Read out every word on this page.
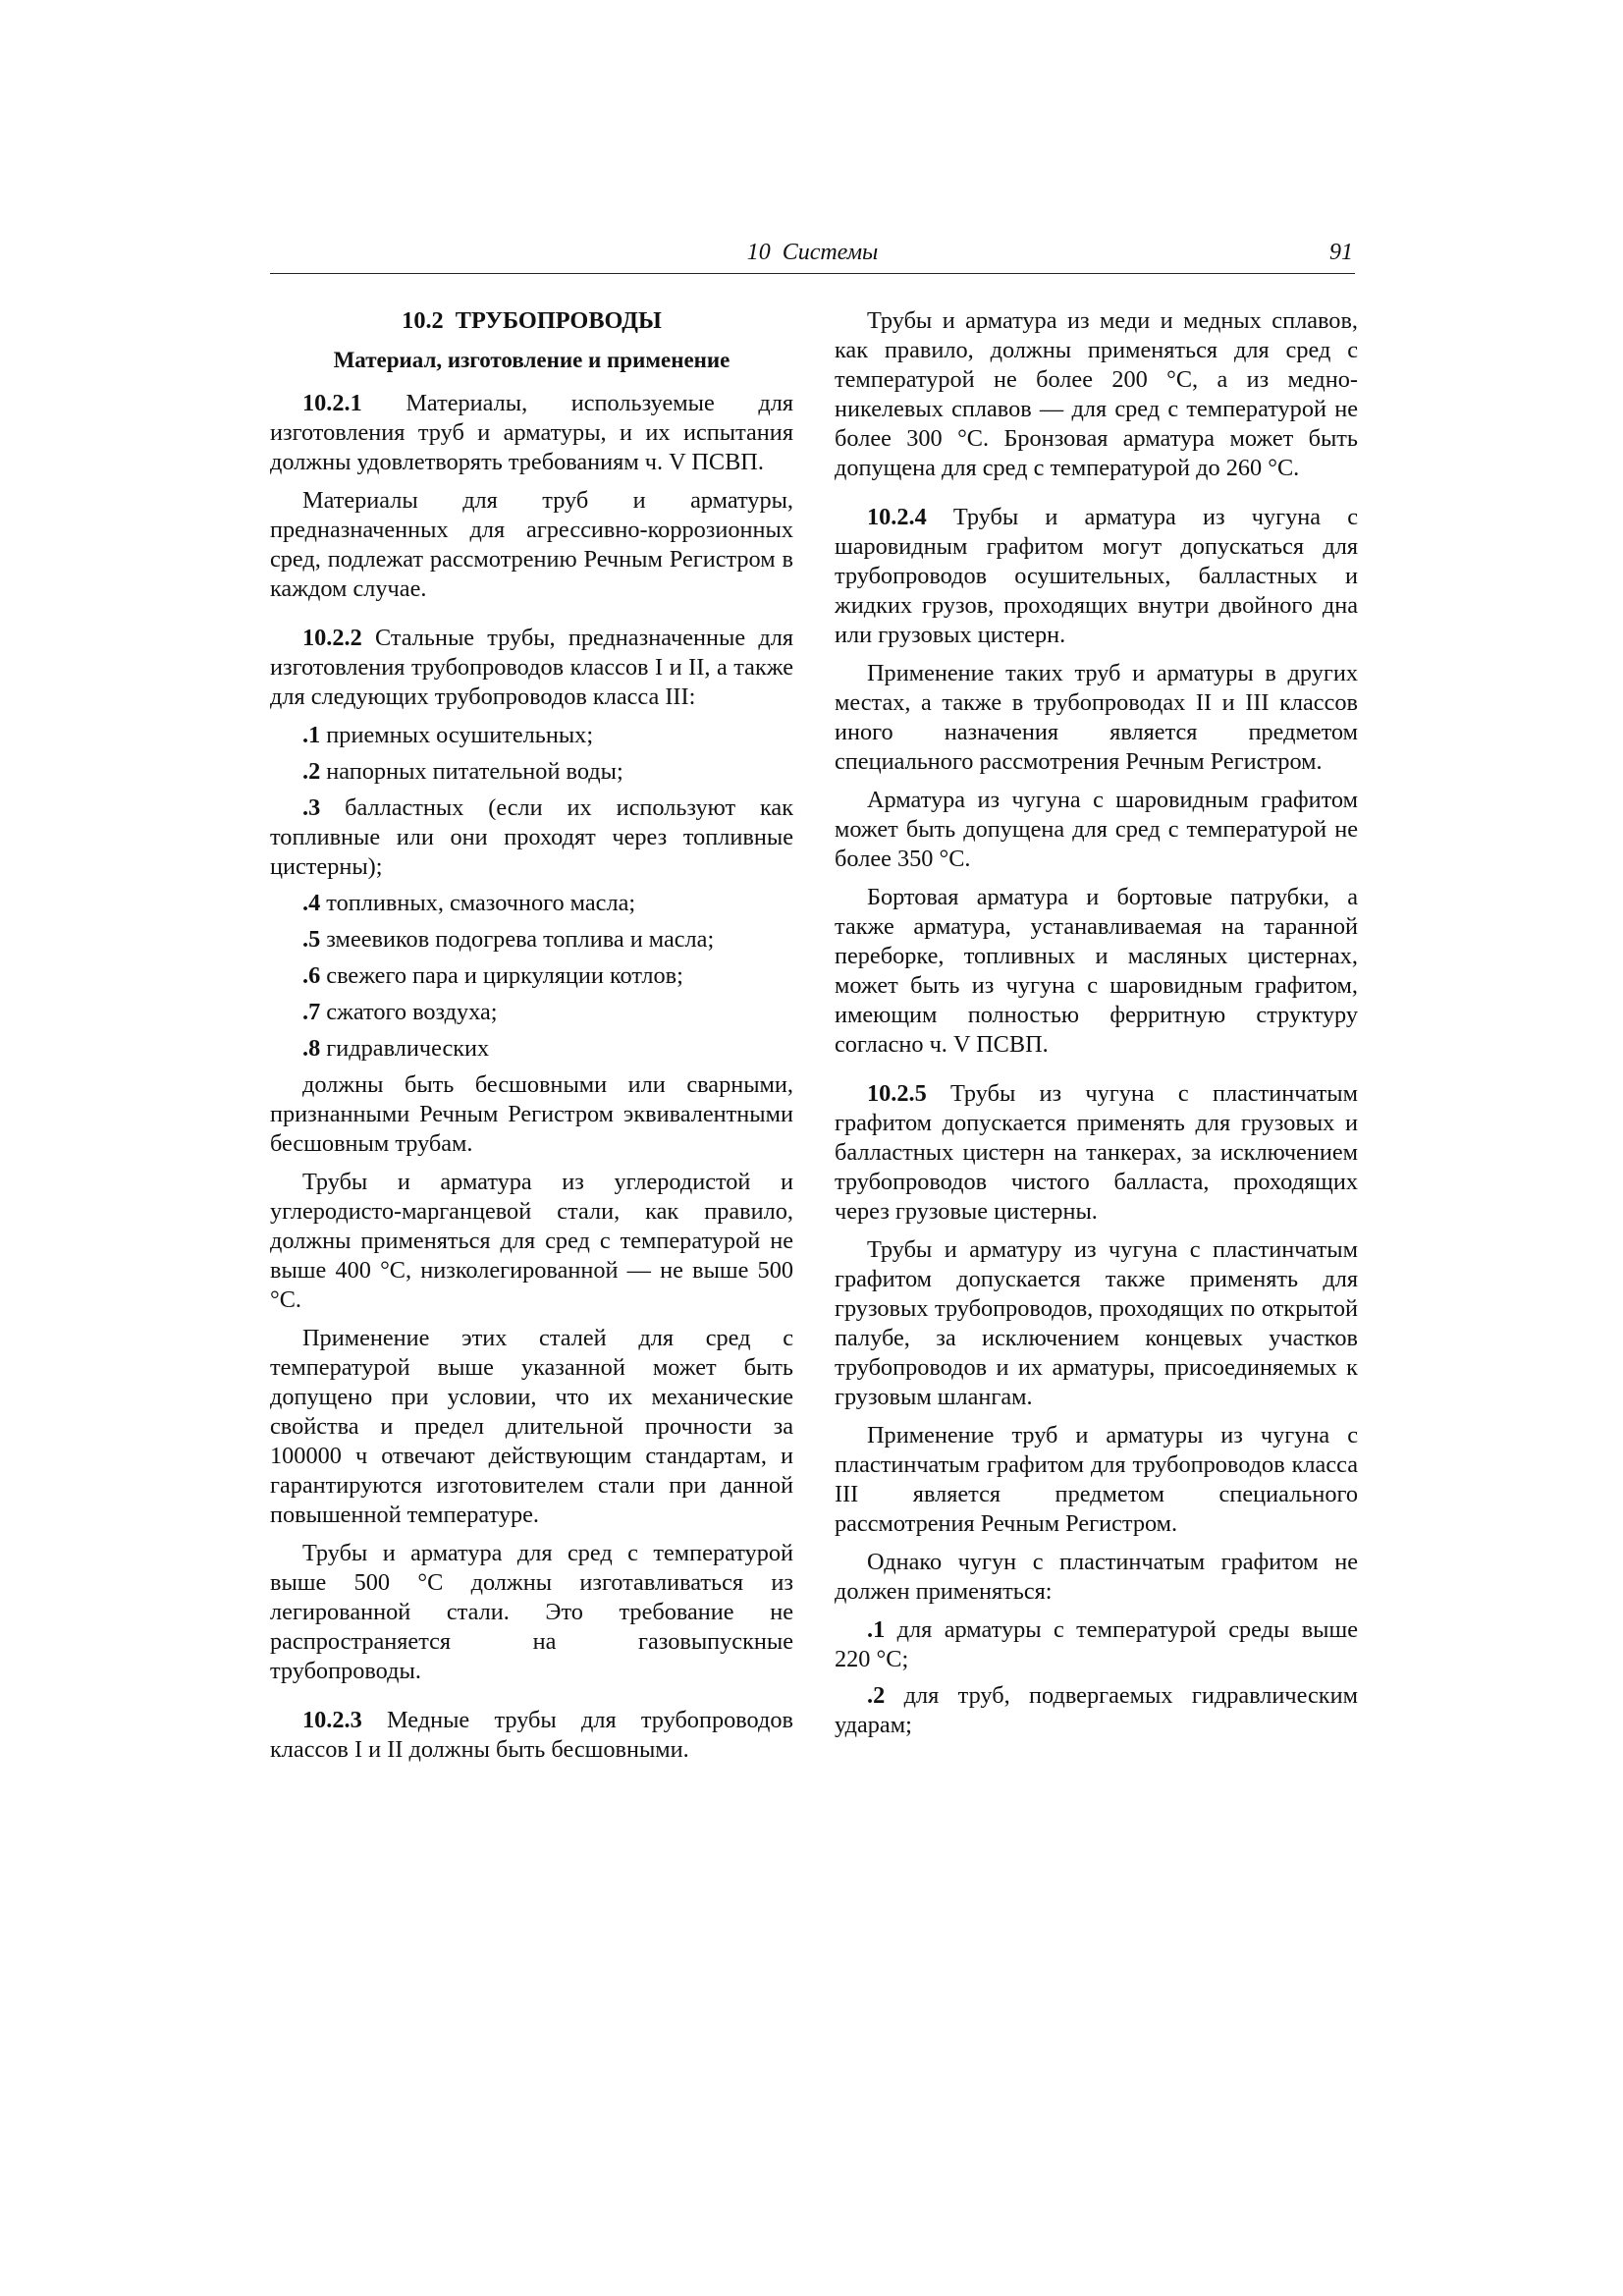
10 Системы	91
10.2 ТРУБОПРОВОДЫ
Материал, изготовление и применение

10.2.1 Материалы, используемые для изготовления труб и арматуры, и их испытания должны удовлетворять требованиям ч. V ПСВП.

Материалы для труб и арматуры, предназначенных для агрессивно-коррозионных сред, подлежат рассмотрению Речным Регистром в каждом случае.

10.2.2 Стальные трубы, предназначенные для изготовления трубопроводов классов I и II, а также для следующих трубопроводов класса III:

.1 приемных осушительных;

.2 напорных питательной воды;

.3 балластных (если их используют как топливные или они проходят через топливные цистерны);

.4 топливных, смазочного масла;

.5 змеевиков подогрева топлива и масла;

.6 свежего пара и циркуляции котлов;

.7 сжатого воздуха;

.8 гидравлических

должны быть бесшовными или сварными, признанными Речным Регистром эквивалентными бесшовным трубам.

Трубы и арматура из углеродистой и углеродисто-марганцевой стали, как правило, должны применяться для сред с температурой не выше 400 °С, низколегированной — не выше 500 °С.

Применение этих сталей для сред с температурой выше указанной может быть допущено при условии, что их механические свойства и предел длительной прочности за 100000 ч отвечают действующим стандартам, и гарантируются изготовителем стали при данной повышенной температуре.

Трубы и арматура для сред с температурой выше 500 °С должны изготавливаться из легированной стали. Это требование не распространяется на газовыпускные трубопроводы.

10.2.3 Медные трубы для трубопроводов классов I и II должны быть бесшовными.

Трубы и арматура из меди и медных сплавов, как правило, должны применяться для сред с температурой не более 200 °С, а из медно-никелевых сплавов — для сред с температурой не более 300 °С. Бронзовая арматура может быть допущена для сред с температурой до 260 °С.

10.2.4 Трубы и арматура из чугуна с шаровидным графитом могут допускаться для трубопроводов осушительных, балластных и жидких грузов, проходящих внутри двойного дна или грузовых цистерн.

Применение таких труб и арматуры в других местах, а также в трубопроводах II и III классов иного назначения является предметом специального рассмотрения Речным Регистром.

Арматура из чугуна с шаровидным графитом может быть допущена для сред с температурой не более 350 °С.

Бортовая арматура и бортовые патрубки, а также арматура, устанавливаемая на таранной переборке, топливных и масляных цистернах, может быть из чугуна с шаровидным графитом, имеющим полностью ферритную структуру согласно ч. V ПСВП.

10.2.5 Трубы из чугуна с пластинчатым графитом допускается применять для грузовых и балластных цистерн на танкерах, за исключением трубопроводов чистого балласта, проходящих через грузовые цистерны.

Трубы и арматуру из чугуна с пластинчатым графитом допускается также применять для грузовых трубопроводов, проходящих по открытой палубе, за исключением концевых участков трубопроводов и их арматуры, присоединяемых к грузовым шлангам.

Применение труб и арматуры из чугуна с пластинчатым графитом для трубопроводов класса III является предметом специального рассмотрения Речным Регистром.

Однако чугун с пластинчатым графитом не должен применяться:

.1 для арматуры с температурой среды выше 220 °С;

.2 для труб, подвергаемых гидравлическим ударам;
